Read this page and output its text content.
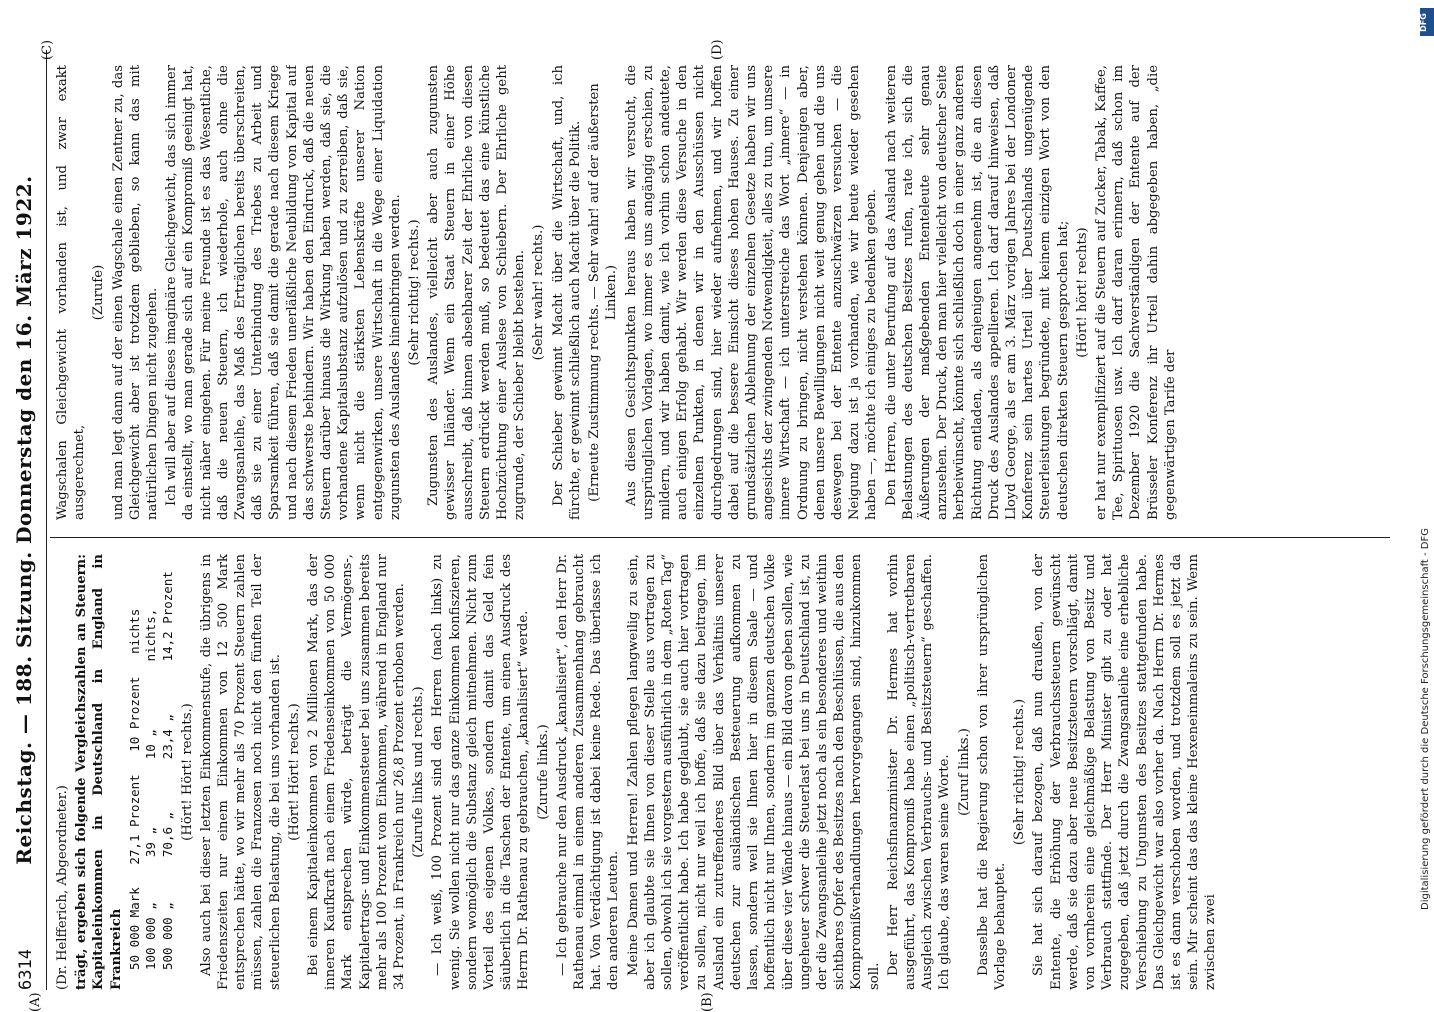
6314
Reichstag. — 188. Sitzung. Donnerstag den 16. März 1922.
(A)	(B)
(C)	(D)

(Dr. Helfferich, Abgeordneter.) trägt, ergeben sich folgende Vergleichszahlen an Steuern: Kapitaleinkommen in Deutschland in England in Frankreich 50 000 Mark   27,1 Prozent   10 Prozent   nichts
100 000 „      39 „         10 „         nichts,
500 000 „      70,6 „       23,4 „       14,2 Prozent

(Hört! Hört! rechts.) Also auch bei dieser letzten Einkommenstufe, die übrigens in Friedenszeiten nur einem Einkommen von 12 500 Mark entsprechen hätte, wo wir mehr als 70 Prozent Steuern zahlen müssen, zahlen die Franzosen noch nicht den fünften Teil der steuerlichen Belastung, die bei uns vorhanden ist. (Hört! Hört! rechts.) Bei einem Kapitaleinkommen von 2 Millionen Mark, das der inneren Kaufkraft nach einem Friedenseinkommen von 50 000 Mark entsprechen würde, beträgt die Vermögens-, Kapitalertrags- und Einkommensteuer bei uns zusammen bereits mehr als 100 Prozent vom Einkommen, während in England nur 34 Prozent, in Frankreich nur 26,8 Prozent erhoben werden. (Zurufe links und rechts.) — Ich weiß, 100 Prozent sind den Herren (nach links) zu wenig. Sie wollen nicht nur das ganze Einkommen konfiszieren, sondern womöglich die Substanz gleich mitnehmen. Nicht zum Vorteil des eigenen Volkes, sondern damit das Geld fein säuberlich in die Taschen der Entente, um einen Ausdruck des Herrn Dr. Rathenau zu gebrauchen, „kanalisiert“ werde. (Zurufe links.) — Ich gebrauche nur den Ausdruck „kanalisiert“, den Herr Dr. Rathenau einmal in einem anderen Zusammenhang gebraucht hat. Von Verdächtigung ist dabei keine Rede. Das überlasse ich den anderen Leuten. Meine Damen und Herren! Zahlen pflegen langweilig zu sein, aber ich glaubte sie Ihnen von dieser Stelle aus vortragen zu sollen, obwohl ich sie vorgestern ausführlich in dem „Roten Tag“ veröffentlicht habe. Ich habe geglaubt, sie auch hier vortragen zu sollen, nicht nur weil ich hoffe, daß sie dazu beitragen, im Ausland ein zutreffenderes Bild über das Verhältnis unserer deutschen zur ausländischen Besteuerung aufkommen zu lassen, sondern weil sie Ihnen hier in diesem Saale — und hoffentlich nicht nur Ihnen, sondern im ganzen deutschen Volke über diese vier Wände hinaus — ein Bild davon geben sollen, wie ungeheuer schwer die Steuerlast bei uns in Deutschland ist, zu der die Zwangsanleihe jetzt noch als ein besonderes und weithin sichtbares Opfer des Besitzes nach den Beschlüssen, die aus den Kompromißverhandlungen hervorgegangen sind, hinzukommen soll.

Der Herr Reichsfinanzminister Dr. Hermes hat vorhin ausgeführt, das Kompromiß habe einen „politisch-vertretbaren Ausgleich zwischen Verbrauchs- und Besitzsteuern“ geschaffen. Ich glaube, das waren seine Worte. (Zuruf links.) Dasselbe hat die Regierung schon von ihrer ursprünglichen Vorlage behauptet.

(Sehr richtig! rechts.) Sie hat sich darauf bezogen, daß nun draußen, von der Entente, die Erhöhung der Verbrauchssteuern gewünscht werde, daß sie dazu aber neue Besitzsteuern vorschlägt, damit von vornherein eine gleichmäßige Belastung von Besitz und Verbrauch stattfinde. Der Herr Minister gibt zu oder hat zugegeben, daß jetzt durch die Zwangsanleihe eine erhebliche Verschiebung zu Ungunsten des Besitzes stattgefunden habe. Das Gleichgewicht war also vorher da. Nach Herrn Dr. Hermes ist es dann verschoben worden, und trotzdem soll es jetzt da sein. Mir scheint das das kleine Hexeneinmaleins zu sein. Wenn zwischen zwei

Wagschalen Gleichgewicht vorhanden ist, und zwar exakt ausgerechnet,

(Zurufe) und man legt dann auf der einen Wagschale einen Zentner zu, das Gleichgewicht aber ist trotzdem geblieben, so kann das mit natürlichen Dingen nicht zugehen. Ich will aber auf dieses imaginäre Gleichgewicht, das sich immer da einstellt, wo man gerade sich auf ein Kompromiß geeinigt hat, nicht näher eingehen. Für meine Freunde ist es das Wesentliche, daß die neuen Steuern, ich wiederhole, auch ohne die Zwangsanleihe, das Maß des Erträglichen bereits überschreiten, daß sie zu einer Unterbindung des Triebes zu Arbeit und Sparsamkeit führen, daß sie damit die gerade nach diesem Kriege und nach diesem Frieden unerläßliche Neubildung von Kapital auf das schwerste behindern. Wir haben den Eindruck, daß die neuen Steuern darüber hinaus die Wirkung haben werden, daß sie, die vorhandene Kapitalsubstanz aufzulösen und zu zerreiben, daß sie, wenn nicht die stärksten Lebenskräfte unserer Nation entgegenwirken, unsere Wirtschaft in die Wege einer Liquidation zugunsten des Auslandes hineinbringen werden. (Sehr richtig! rechts.) Zugunsten des Auslandes, vielleicht aber auch zugunsten gewisser Inländer. Wenn ein Staat Steuern in einer Höhe ausschreibt, daß binnen absehbarer Zeit der Ehrliche von diesen Steuern erdrückt werden muß, so bedeutet das eine künstliche Hochzüchtung einer Auslese von Schiebern. Der Ehrliche geht zugrunde, der Schieber bleibt bestehen. (Sehr wahr! rechts.) Der Schieber gewinnt Macht über die Wirtschaft, und, ich fürchte, er gewinnt schließlich auch Macht über die Politik. (Erneute Zustimmung rechts. — Sehr wahr! auf der äußersten Linken.) Aus diesen Gesichtspunkten heraus haben wir versucht, die ursprünglichen Vorlagen, wo immer es uns angängig erschien, zu mildern, und wir haben damit, wie ich vorhin schon andeutete, auch einigen Erfolg gehabt. Wir werden diese Versuche in den einzelnen Punkten, in denen wir in den Ausschüssen nicht durchgedrungen sind, hier wieder aufnehmen, und wir hoffen dabei auf die bessere Einsicht dieses hohen Hauses. Zu einer grundsätzlichen Ablehnung der einzelnen Gesetze haben wir uns angesichts der zwingenden Notwendigkeit, alles zu tun, um unsere innere Wirtschaft — ich unterstreiche das Wort „innere“ — in Ordnung zu bringen, nicht verstehen können. Denjenigen aber, denen unsere Bewilligungen nicht weit genug gehen und die uns deswegen bei der Entente anzuschwärzen versuchen — die Neigung dazu ist ja vorhanden, wie wir heute wieder gesehen haben —, möchte ich einiges zu bedenken geben. Den Herren, die unter Berufung auf das Ausland nach weiteren Belastungen des deutschen Besitzes rufen, rate ich, sich die Äußerungen der maßgebenden Ententeleute sehr genau anzusehen. Der Druck, den man hier vielleicht von deutscher Seite herbeiwünscht, könnte sich schließlich doch in einer ganz anderen Richtung entladen, als denjenigen angenehm ist, die an diesen Druck des Auslandes appellieren. Ich darf darauf hinweisen, daß Lloyd George, als er am 3. März vorigen Jahres bei der Londoner Konferenz sein hartes Urteil über Deutschlands ungenügende Steuerleistungen begründete, mit keinem einzigen Wort von den deutschen direkten Steuern gesprochen hat; (Hört! hört! rechts) er hat nur exemplifiziert auf die Steuern auf Zucker, Tabak, Kaffee, Tee, Spirituosen usw. Ich darf daran erinnern, daß schon im Dezember 1920 die Sachverständigen der Entente auf der Brüsseler Konferenz ihr Urteil dahin abgegeben haben, „die gegenwärtigen Tarife der

DFG
Digitalisierung gefördert durch die Deutsche Forschungsgemeinschaft - DFG
